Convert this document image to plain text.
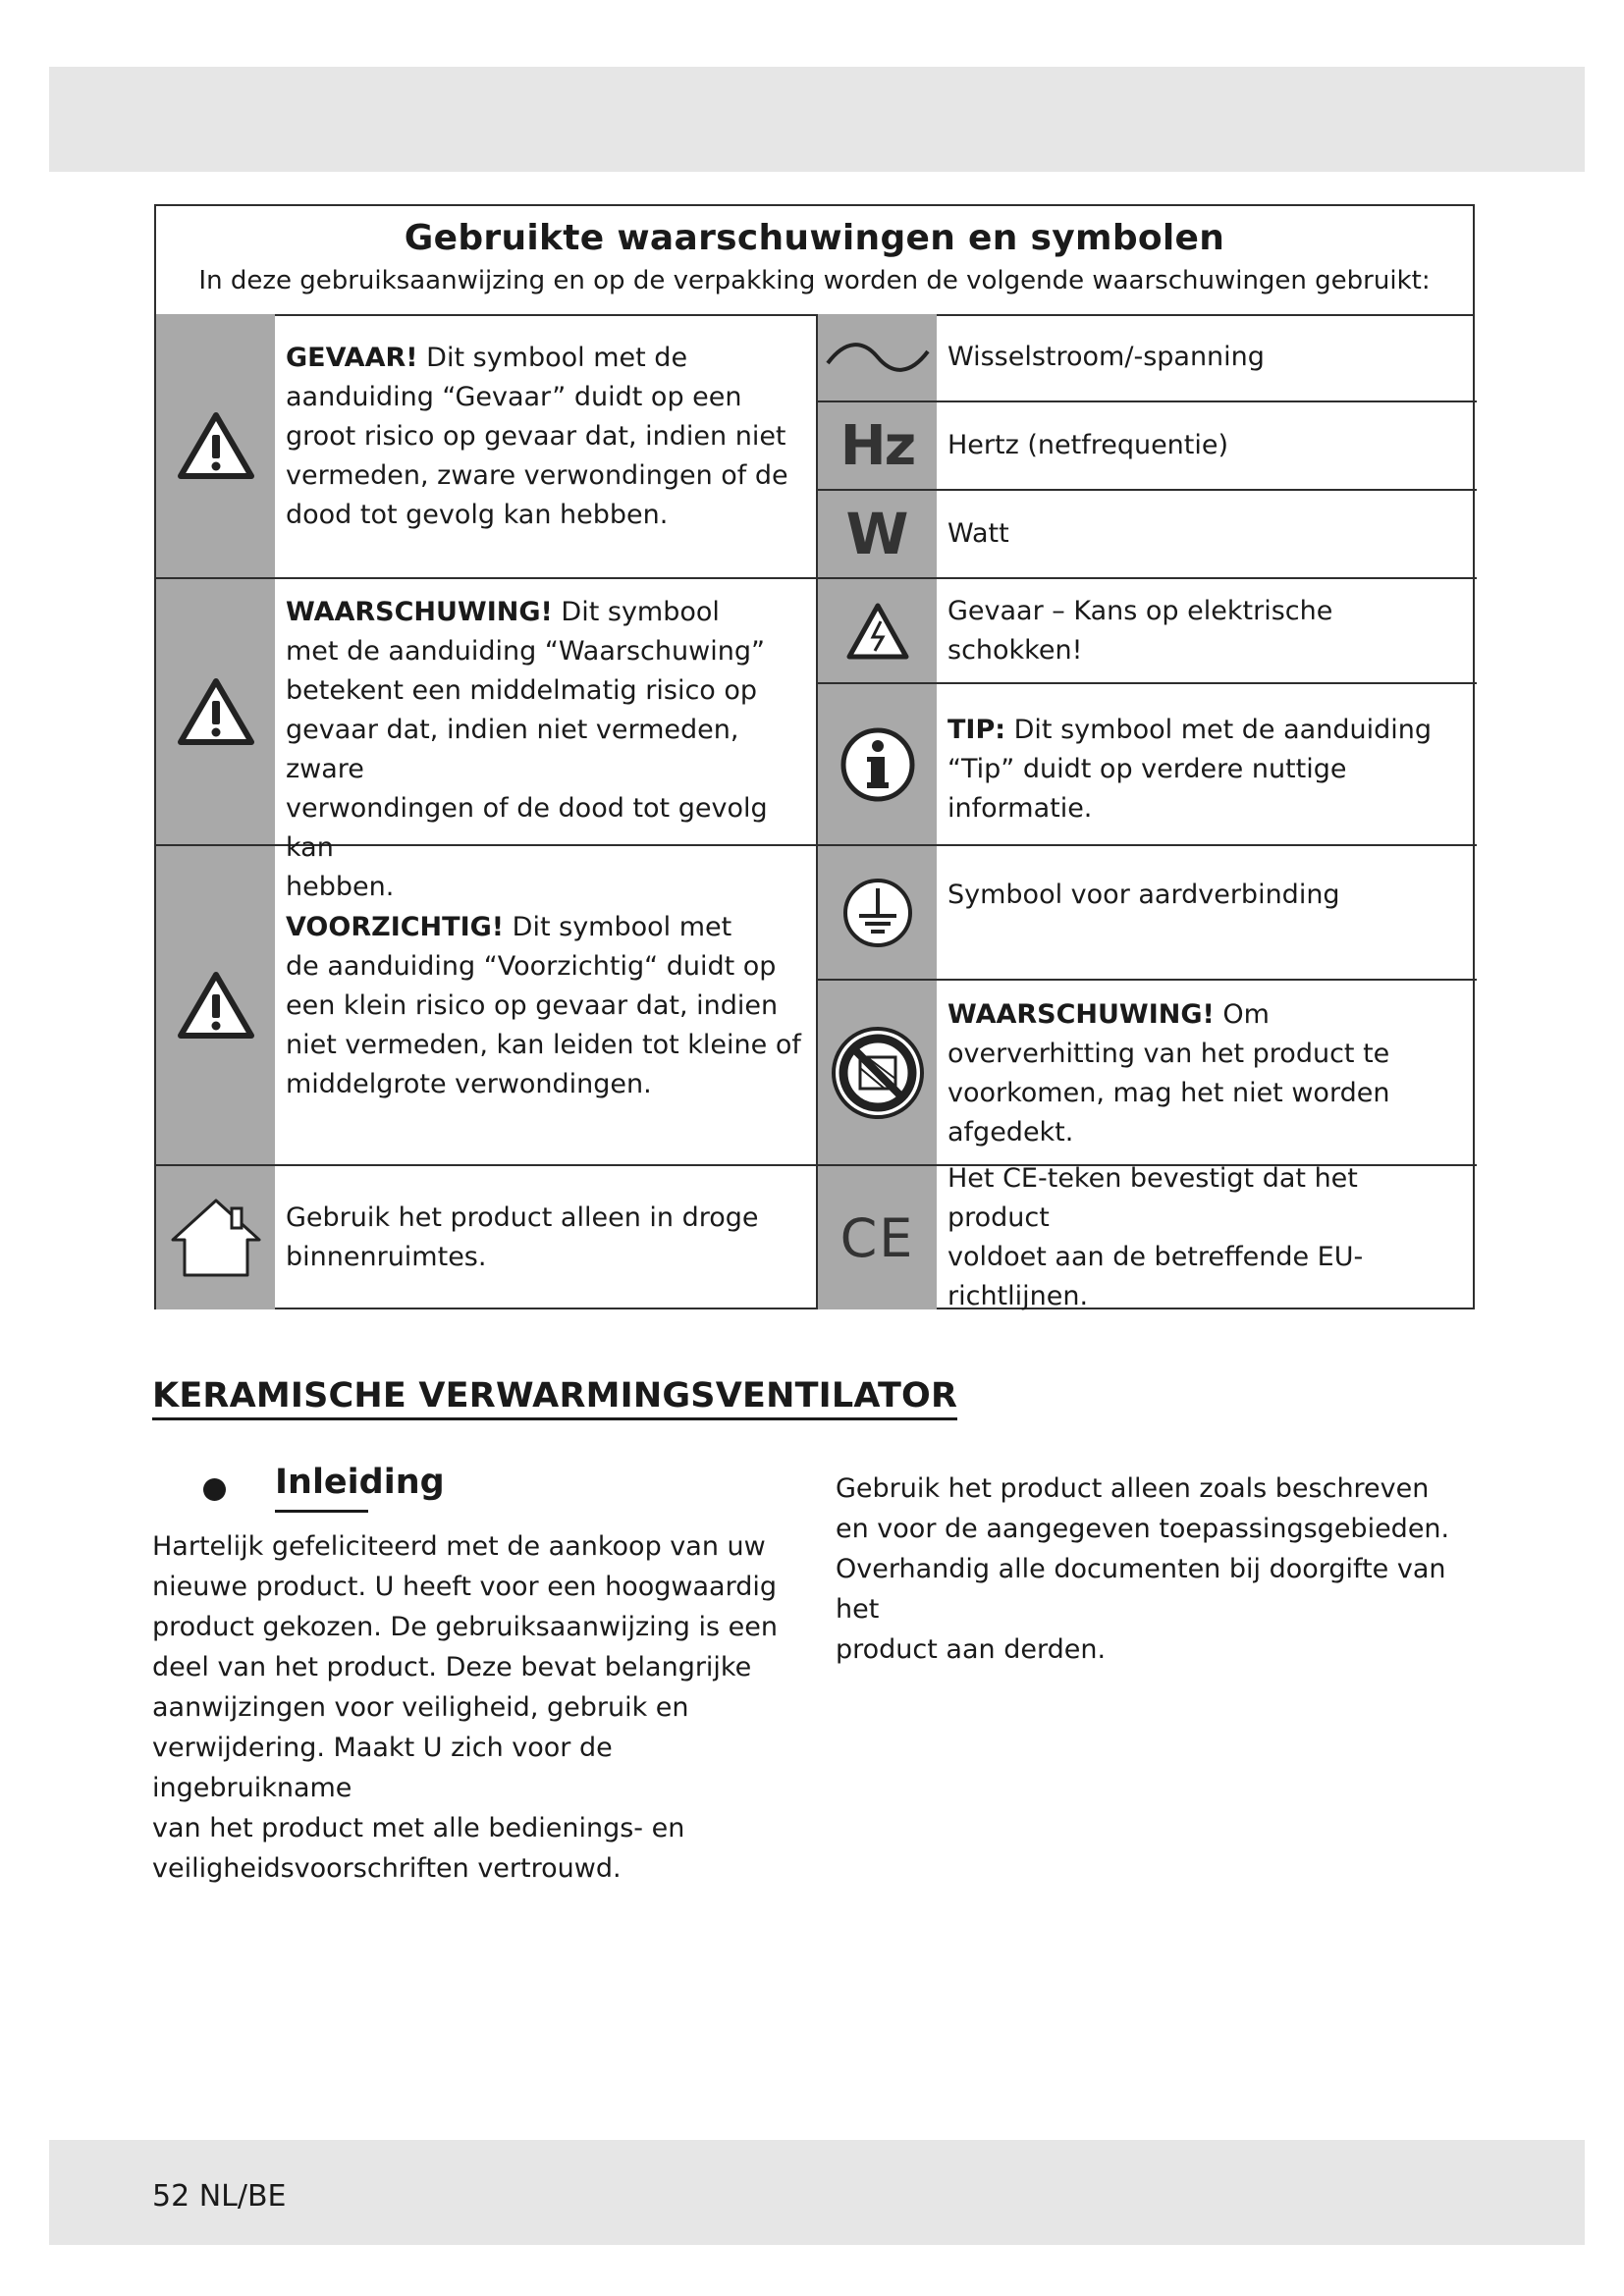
Gebruikte waarschuwingen en symbolen
In deze gebruiksaanwijzing en op de verpakking worden de volgende waarschuwingen gebruikt:
GEVAAR! Dit symbool met de
aanduiding “Gevaar” duidt op een
groot risico op gevaar dat, indien niet
vermeden, zware verwondingen of de
dood tot gevolg kan hebben.
WAARSCHUWING! Dit symbool
met de aanduiding “Waarschuwing”
betekent een middelmatig risico op
gevaar dat, indien niet vermeden, zware
verwondingen of de dood tot gevolg kan
hebben.
VOORZICHTIG! Dit symbool met
de aanduiding “Voorzichtig“ duidt op
een klein risico op gevaar dat, indien
niet vermeden, kan leiden tot kleine of
middelgrote verwondingen.
Gebruik het product alleen in droge
binnenruimtes.
Wisselstroom/-spanning
Hz Hertz (netfrequentie)
W Watt
Gevaar – Kans op elektrische schokken!
TIP: Dit symbool met de aanduiding
“Tip” duidt op verdere nuttige informatie.
Symbool voor aardverbinding
WAARSCHUWING! Om
oververhitting van het product te
voorkomen, mag het niet worden
afgedekt.
CE
Het CE-teken bevestigt dat het product
voldoet aan de betreffende EU-richtlijnen.
KERAMISCHE VERWARMINGSVENTILATOR
Inleiding
Hartelijk gefeliciteerd met de aankoop van uw
nieuwe product. U heeft voor een hoogwaardig
product gekozen. De gebruiksaanwijzing is een
deel van het product. Deze bevat belangrijke
aanwijzingen voor veiligheid, gebruik en
verwijdering. Maakt U zich voor de ingebruikname
van het product met alle bedienings- en
veiligheidsvoorschriften vertrouwd.
Gebruik het product alleen zoals beschreven
en voor de aangegeven toepassingsgebieden.
Overhandig alle documenten bij doorgifte van het
product aan derden.
52 NL/BE
